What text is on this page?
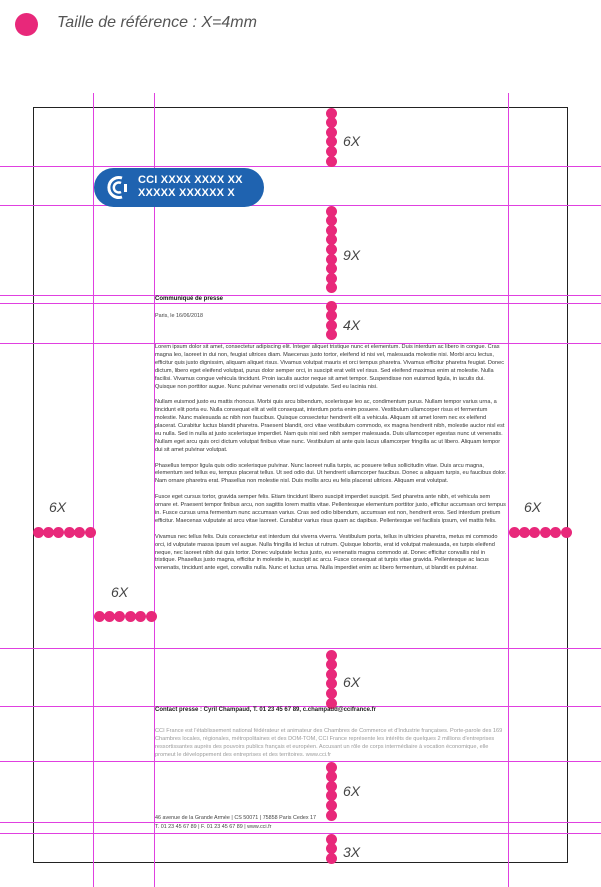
Taille de référence : X=4mm
CCI XXXX XXXX XX
XXXXX XXXXXX X
6X
9X
4X
6X	6X
6X
6X
6X
3X
Communiqué de presse
Paris, le 16/06/2018

Lorem ipsum dolor sit amet, consectetur adipiscing elit. Integer aliquet tristique nunc et elementum. Duis interdum ac libero in congue. Cras magna leo, laoreet in dui non, feugiat ultrices diam. Maecenas justo tortor, eleifend id nisi vel, malesuada molestie nisi. Morbi arcu lectus, efficitur quis justo dignissim, aliquam aliquet risus. Vivamus volutpat mauris et orci tempus pharetra. Vivamus efficitur pharetra feugiat. Donec dictum, libero eget eleifend volutpat, purus dolor semper orci, in suscipit erat velit vel risus. Sed eleifend maximus enim at molestie. Nulla facilisi. Vivamus congue vehicula tincidunt. Proin iaculis auctor neque sit amet tempor. Suspendisse non euismod ligula, in iaculis dui. Quisque non porttitor augue. Nunc pulvinar venenatis orci id vulputate. Sed eu lacinia nisi.

Nullam euismod justo eu mattis rhoncus. Morbi quis arcu bibendum, scelerisque leo ac, condimentum purus. Nullam tempor varius urna, a tincidunt elit porta eu. Nulla consequat elit at velit consequat, interdum porta enim posuere. Vestibulum ullamcorper risus et fermentum molestie. Nunc malesuada ac nibh non faucibus. Quisque consectetur hendrerit elit a vehicula. Aliquam sit amet lorem nec ex eleifend placerat. Curabitur luctus blandit pharetra. Praesent blandit, orci vitae vestibulum commodo, ex magna hendrerit nibh, molestie auctor nisl est eu nulla. Sed in nulla at justo scelerisque imperdiet. Nam quis nisi sed nibh semper malesuada. Duis ullamcorper egestas nunc ut venenatis. Nullam eget arcu quis orci dictum volutpat finibus vitae nunc. Vestibulum at ante quis lacus ullamcorper fringilla ac ut libero. Aliquam tempor dui sit amet pulvinar volutpat.

Phasellus tempor ligula quis odio scelerisque pulvinar. Nunc laoreet nulla turpis, ac posuere tellus sollicitudin vitae. Duis arcu magna, elementum sed tellus eu, tempus placerat tellus. Ut sed odio dui. Ut hendrerit ullamcorper faucibus. Donec a aliquam turpis, eu faucibus dolor. Nam ornare pharetra erat. Phasellus non molestie nisl. Duis mollis arcu eu felis placerat ultrices. Aliquam erat volutpat.

Fusce eget cursus tortor, gravida semper felis. Etiam tincidunt libero suscipit imperdiet suscipit. Sed pharetra ante nibh, et vehicula sem ornare et. Praesent tempor finibus arcu, non sagittis lorem mattis vitae. Pellentesque elementum porttitor justo, efficitur accumsan orci tempus in. Fusce cursus urna fermentum nunc accumsan varius. Cras sed odio bibendum, accumsan est non, hendrerit eros. Sed interdum pretium efficitur. Maecenas vulputate at arcu vitae laoreet. Curabitur varius risus quam ac dapibus. Pellentesque vel facilisis ipsum, vel mattis felis.

Vivamus nec tellus felis. Duis consectetur est interdum dui viverra viverra. Vestibulum porta, tellus in ultricies pharetra, metus mi commodo orci, id vulputate massa ipsum vel augue. Nulla fringilla id lectus ut rutrum. Quisque lobortis, erat id volutpat malesuada, ex turpis eleifend neque, nec laoreet nibh dui quis tortor. Donec vulputate lectus justo, eu venenatis magna commodo at. Donec efficitur convallis nisl in tristique. Phasellus justo magna, efficitur in molestie in, suscipit ac arcu. Fusce consequat at turpis vitae gravida. Pellentesque ac lacus venenatis, tincidunt ante eget, convallis nulla. Nunc et luctus urna. Nulla imperdiet enim ac libero fermentum, ut blandit ex pulvinar.

Contact presse : Cyril Champaud, T. 01 23 45 67 89, c.champaud@ccifrance.fr
CCI France est l'établissement national fédérateur et animateur des Chambres de Commerce et d'Industrie françaises. Porte-parole des 169 Chambres locales, régionales, métropolitaines et des DOM-TOM, CCI France représente les intérêts de quelques 2 millions d'entreprises ressortissantes auprès des pouvoirs publics français et européen. Accusant un rôle de corps intermédiaire à vocation économique, elle promeut le développement des entreprises et des territoires. www.cci.fr
46 avenue de la Grande Armée | CS 50071 | 75858 Paris Cedex 17
T. 01 23 45 67 89 | F. 01 23 45 67 89 | www.cci.fr
